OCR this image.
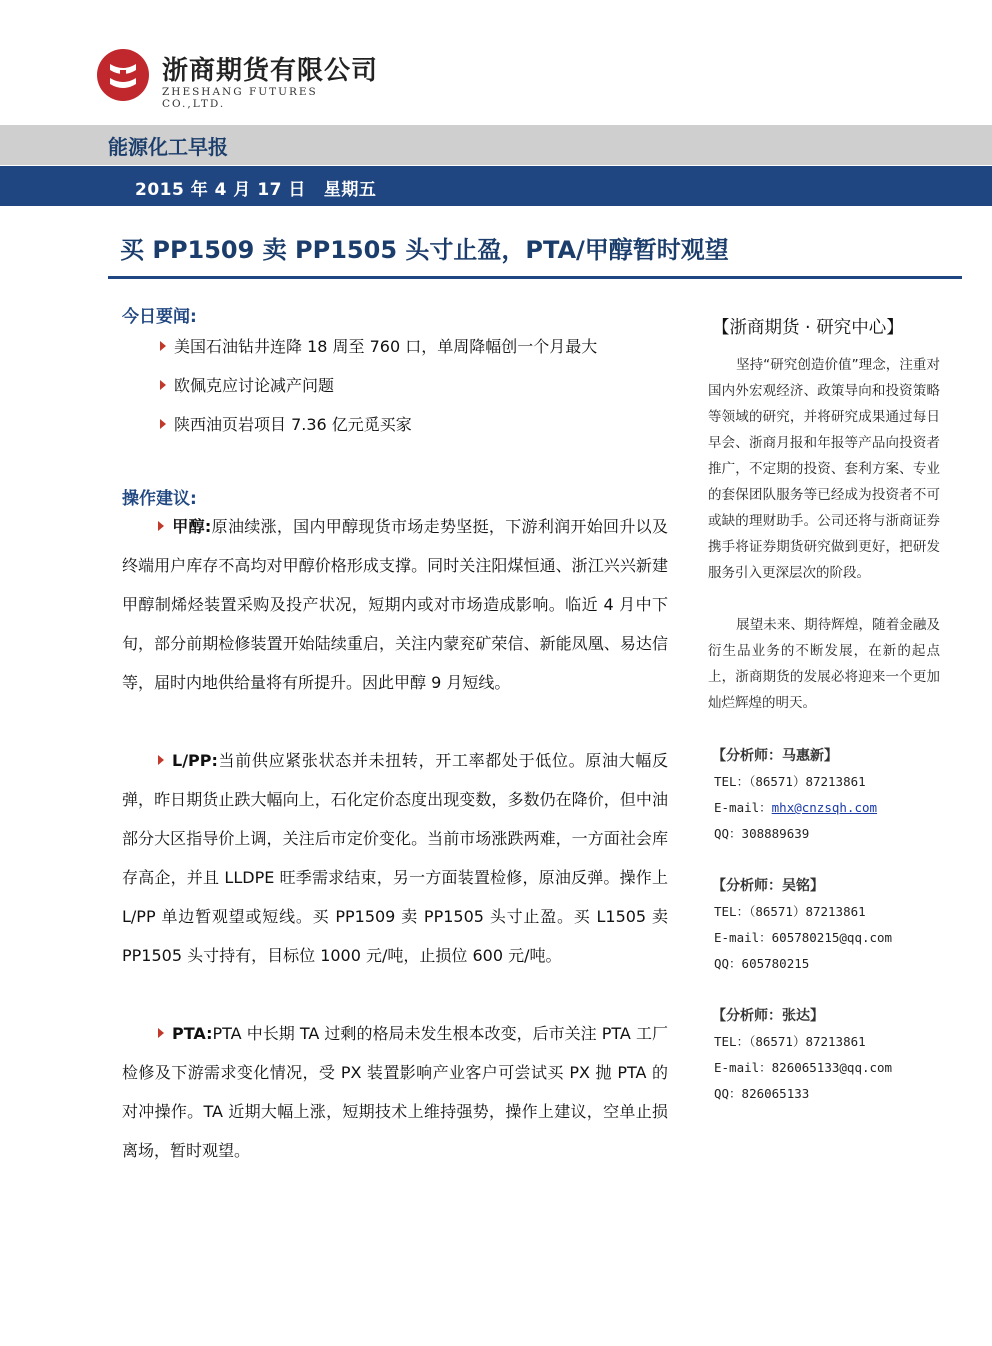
浙商期货有限公司
ZHESHANG FUTURES CO.,LTD.
能源化工早报
2015 年 4 月 17 日 星期五
买 PP1509 卖 PP1505 头寸止盈，PTA/甲醇暂时观望
今日要闻:
美国石油钻井连降 18 周至 760 口，单周降幅创一个月最大
欧佩克应讨论减产问题
陕西油页岩项目 7.36 亿元觅买家
操作建议:
甲醇:原油续涨，国内甲醇现货市场走势坚挺，下游利润开始回升以及终端用户库存不高均对甲醇价格形成支撑。同时关注阳煤恒通、浙江兴兴新建甲醇制烯烃装置采购及投产状况，短期内或对市场造成影响。临近 4 月中下旬，部分前期检修装置开始陆续重启，关注内蒙兖矿荣信、新能凤凰、易达信等，届时内地供给量将有所提升。因此甲醇 9 月短线。
L/PP:当前供应紧张状态并未扭转，开工率都处于低位。原油大幅反弹，昨日期货止跌大幅向上，石化定价态度出现变数，多数仍在降价，但中油部分大区指导价上调，关注后市定价变化。当前市场涨跌两难，一方面社会库存高企，并且 LLDPE 旺季需求结束，另一方面装置检修，原油反弹。操作上 L/PP 单边暂观望或短线。买 PP1509 卖 PP1505 头寸止盈。买 L1505 卖 PP1505 头寸持有，目标位 1000 元/吨，止损位 600 元/吨。
PTA:PTA 中长期 TA 过剩的格局未发生根本改变，后市关注 PTA 工厂检修及下游需求变化情况，受 PX 装置影响产业客户可尝试买 PX 抛 PTA 的对冲操作。TA 近期大幅上涨，短期技术上维持强势，操作上建议，空单止损离场，暂时观望。
【浙商期货 · 研究中心】
坚持“研究创造价值”理念，注重对国内外宏观经济、政策导向和投资策略等领域的研究，并将研究成果通过每日早会、浙商月报和年报等产品向投资者推广，不定期的投资、套利方案、专业的套保团队服务等已经成为投资者不可或缺的理财助手。公司还将与浙商证券携手将证券期货研究做到更好，把研发服务引入更深层次的阶段。
展望未来、期待辉煌，随着金融及衍生品业务的不断发展，在新的起点上，浙商期货的发展必将迎来一个更加灿烂辉煌的明天。
【分析师：马惠新】
TEL：（86571）87213861
E-mail：mhx@cnzsqh.com
QQ：308889639
【分析师：吴铭】
TEL：（86571）87213861
E-mail：605780215@qq.com
QQ：605780215
【分析师：张达】
TEL：（86571）87213861
E-mail：826065133@qq.com
QQ：826065133
